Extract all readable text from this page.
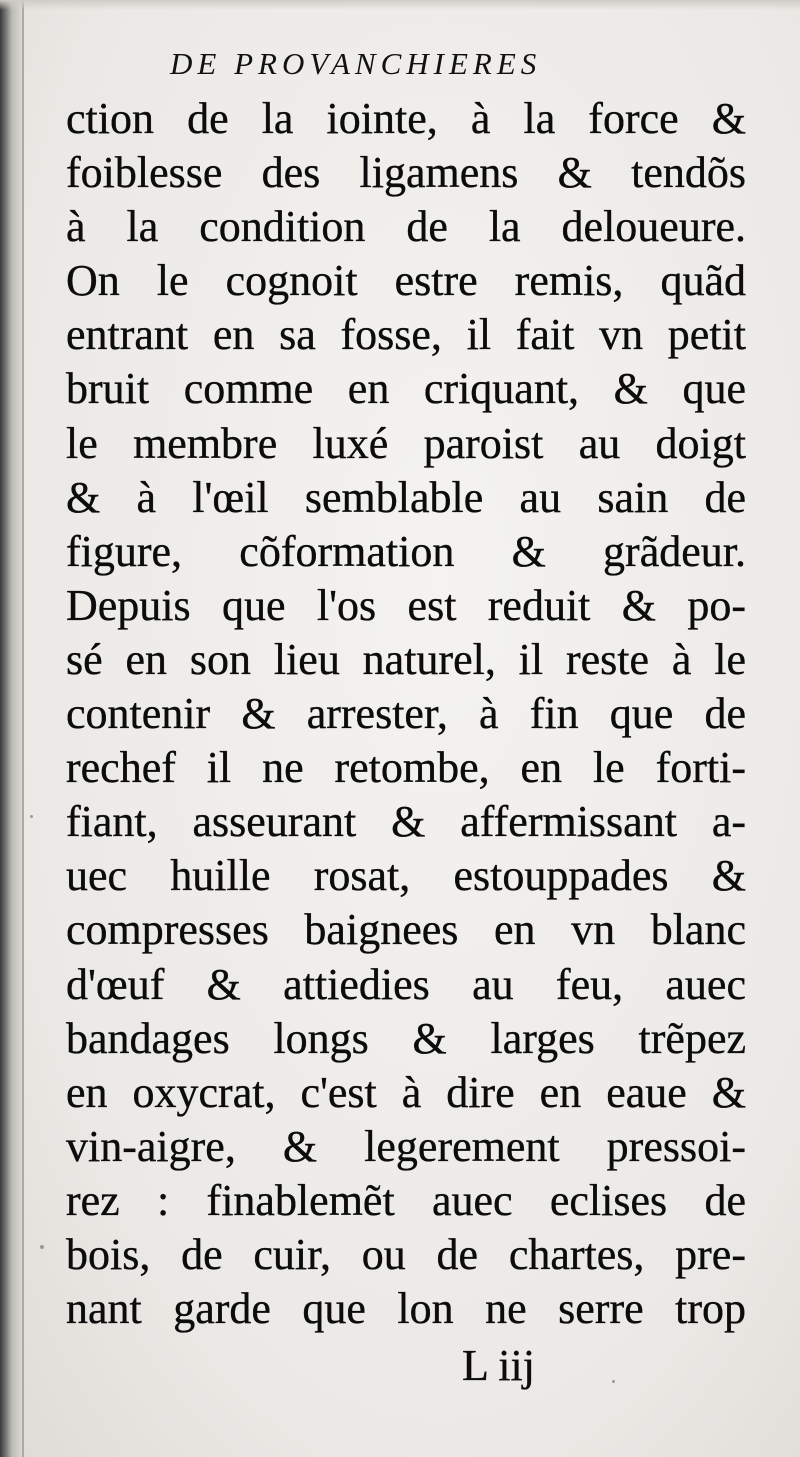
DE PROVANCHIERES
ction de la iointe, à la force &
foiblesse des ligamens & tendõs
à la condition de la deloueure.
On le cognoit estre remis, quãd
entrant en sa fosse, il fait vn petit
bruit comme en criquant, & que
le membre luxé paroist au doigt
& à l'œil semblable au sain de
figure, cõformation & grãdeur.
Depuis que l'os est reduit & po-
sé en son lieu naturel, il reste à le
contenir & arrester, à fin que de
rechef il ne retombe, en le forti-
fiant, asseurant & affermissant a-
uec huille rosat, estouppades &
compresses baignees en vn blanc
d'œuf & attiedies au feu, auec
bandages longs & larges trẽpez
en oxycrat, c'est à dire en eaue &
vin-aigre, & legerement pressoi-
rez : finablemẽt auec eclises de
bois, de cuir, ou de chartes, pre-
nant garde que lon ne serre trop
L iij
